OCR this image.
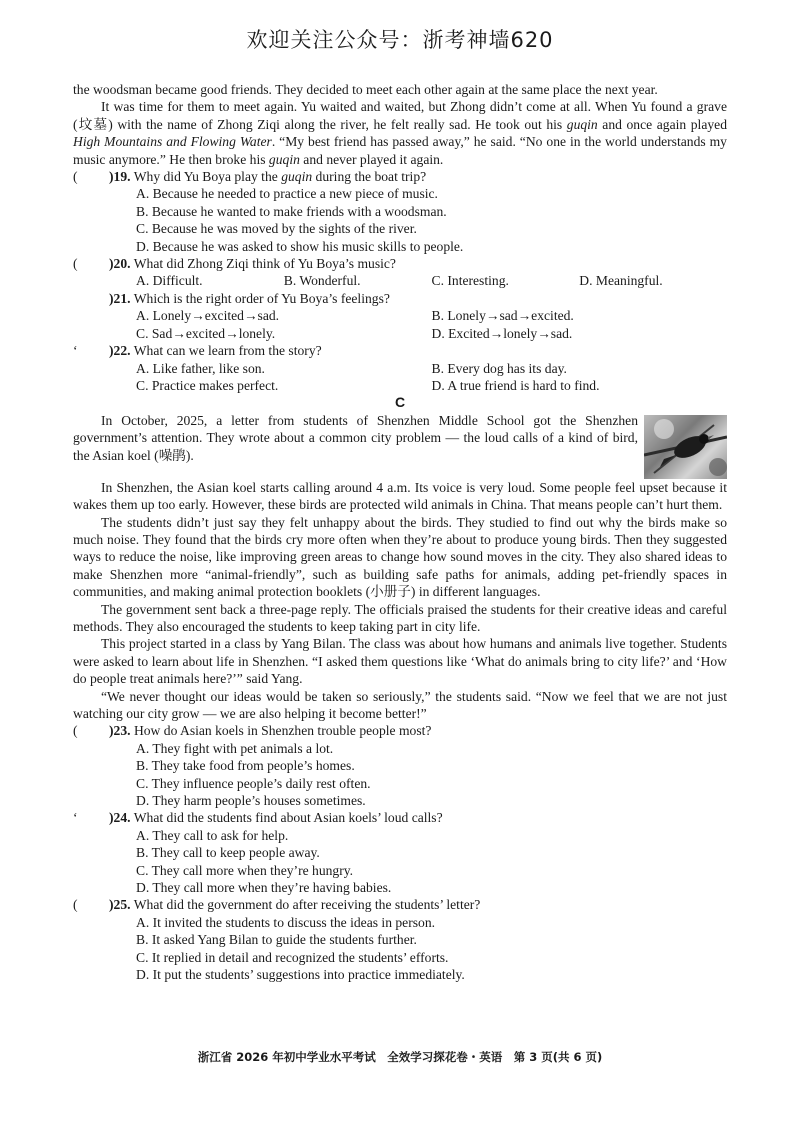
欢迎关注公众号：浙考神墙620

the woodsman became good friends. They decided to meet each other again at the same place the next year.

It was time for them to meet again. Yu waited and waited, but Zhong didn’t come at all. When Yu found a grave (坟墓) with the name of Zhong Ziqi along the river, he felt really sad. He took out his guqin and once again played High Mountains and Flowing Water. “My best friend has passed away,” he said. “No one in the world understands my music anymore.” He then broke his guqin and never played it again.

( )19. Why did Yu Boya play the guqin during the boat trip?

A. Because he needed to practice a new piece of music.

B. Because he wanted to make friends with a woodsman.

C. Because he was moved by the sights of the river.

D. Because he was asked to show his music skills to people.

( )20. What did Zhong Ziqi think of Yu Boya’s music?

A. Difficult.	B. Wonderful.	C. Interesting.	D. Meaningful.

)21. Which is the right order of Yu Boya’s feelings?

A. Lonely→excited→sad.	B. Lonely→sad→excited.
C. Sad→excited→lonely.	D. Excited→lonely→sad.

ʻ )22. What can we learn from the story?

A. Like father, like son.	B. Every dog has its day.
C. Practice makes perfect.	D. A true friend is hard to find.

C

In October, 2025, a letter from students of Shenzhen Middle School got the Shenzhen government’s attention. They wrote about a common city problem — the loud calls of a kind of bird, the Asian koel (噪鹃).

In Shenzhen, the Asian koel starts calling around 4 a.m. Its voice is very loud. Some people feel upset because it wakes them up too early. However, these birds are protected wild animals in China. That means people can’t hurt them.

The students didn’t just say they felt unhappy about the birds. They studied to find out why the birds make so much noise. They found that the birds cry more often when they’re about to produce young birds. Then they suggested ways to reduce the noise, like improving green areas to change how sound moves in the city. They also shared ideas to make Shenzhen more “animal-friendly”, such as building safe paths for animals, adding pet-friendly spaces in communities, and making animal protection booklets (小册子) in different languages.

The government sent back a three-page reply. The officials praised the students for their creative ideas and careful methods. They also encouraged the students to keep taking part in city life.

This project started in a class by Yang Bilan. The class was about how humans and animals live together. Students were asked to learn about life in Shenzhen. “I asked them questions like ‘What do animals bring to city life?’ and ‘How do people treat animals here?’” said Yang.

“We never thought our ideas would be taken so seriously,” the students said. “Now we feel that we are not just watching our city grow — we are also helping it become better!”

( )23. How do Asian koels in Shenzhen trouble people most?

A. They fight with pet animals a lot.

B. They take food from people’s homes.

C. They influence people’s daily rest often.

D. They harm people’s houses sometimes.

ʻ )24. What did the students find about Asian koels’ loud calls?

A. They call to ask for help.

B. They call to keep people away.

C. They call more when they’re hungry.

D. They call more when they’re having babies.

( )25. What did the government do after receiving the students’ letter?

A. It invited the students to discuss the ideas in person.

B. It asked Yang Bilan to guide the students further.

C. It replied in detail and recognized the students’ efforts.

D. It put the students’ suggestions into practice immediately.

浙江省 2026 年初中学业水平考试　全效学习探花卷・英语　第 3 页(共 6 页)
